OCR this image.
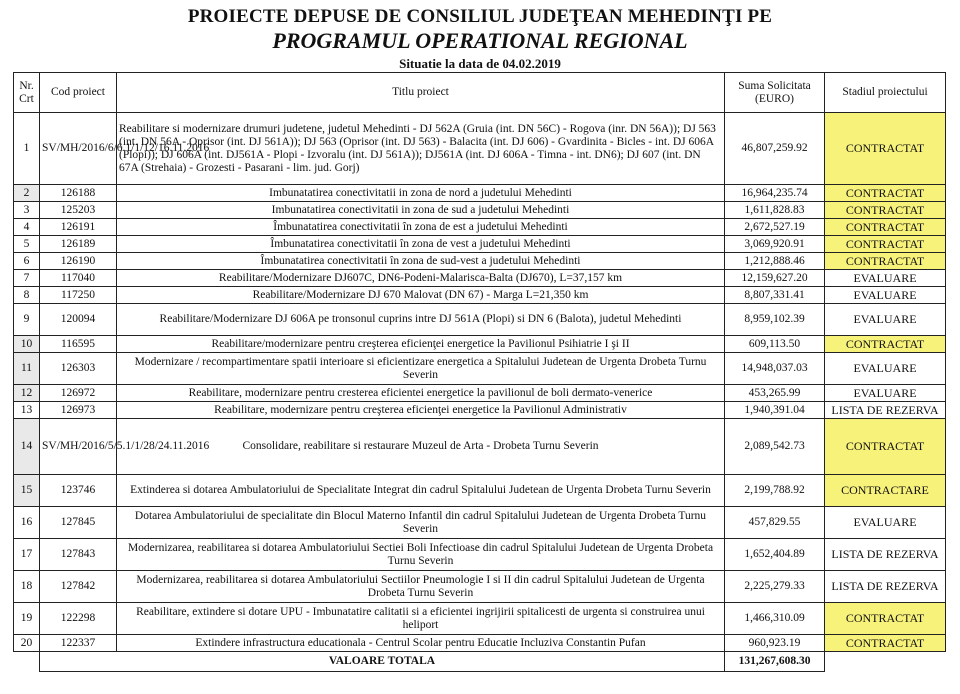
PROIECTE DEPUSE DE CONSILIUL JUDEŢEAN MEHEDINŢI PE
PROGRAMUL OPERATIONAL REGIONAL
Situatie la data de 04.02.2019
Nr. Crt	Cod proiect	Titlu proiect	Suma Solicitata (EURO)	Stadiul proiectului
1	SV/MH/2016/6/6.1/1/12/16.11.2016	Reabilitare si modernizare drumuri judetene, judetul Mehedinti - DJ 562A (Gruia (int. DN 56C) - Rogova (inr. DN 56A)); DJ 563 (int. DN 56A - Oprisor (int. DJ 561A)); DJ 563 (Oprisor (int. DJ 563) - Balacita (int. DJ 606) - Gvardinita - Bicles - int. DJ 606A (Plopi)); DJ 606A (int. DJ561A - Plopi - Izvoralu (int. DJ 561A)); DJ561A (int. DJ 606A - Timna - int. DN6); DJ 607 (int. DN 67A (Strehaia) - Grozesti - Pasarani - lim. jud. Gorj)	46,807,259.92	CONTRACTAT
2	126188	Imbunatatirea conectivitatii in zona de nord a judetului Mehedinti	16,964,235.74	CONTRACTAT
3	125203	Imbunatatirea conectivitatii in zona de sud a judetului Mehedinti	1,611,828.83	CONTRACTAT
4	126191	Îmbunatatirea conectivitatii în zona de est a judetului Mehedinti	2,672,527.19	CONTRACTAT
5	126189	Îmbunatatirea conectivitatii în zona de vest a judetului Mehedinti	3,069,920.91	CONTRACTAT
6	126190	Îmbunatatirea conectivitatii în zona de sud-vest a judetului Mehedinti	1,212,888.46	CONTRACTAT
7	117040	Reabilitare/Modernizare DJ607C, DN6-Podeni-Malarisca-Balta (DJ670), L=37,157 km	12,159,627.20	EVALUARE
8	117250	Reabilitare/Modernizare DJ 670 Malovat (DN 67) - Marga L=21,350 km	8,807,331.41	EVALUARE
9	120094	Reabilitare/Modernizare DJ 606A pe tronsonul cuprins intre DJ 561A (Plopi) si DN 6 (Balota), judetul Mehedinti	8,959,102.39	EVALUARE
10	116595	Reabilitare/modernizare pentru creşterea eficienţei energetice la Pavilionul Psihiatrie I şi II	609,113.50	CONTRACTAT
11	126303	Modernizare / recompartimentare spatii interioare si eficientizare energetica a Spitalului Judetean de Urgenta Drobeta Turnu Severin	14,948,037.03	EVALUARE
12	126972	Reabilitare, modernizare pentru cresterea eficientei energetice la pavilionul de boli dermato-venerice	453,265.99	EVALUARE
13	126973	Reabilitare, modernizare pentru creşterea eficienţei energetice la Pavilionul Administrativ	1,940,391.04	LISTA DE REZERVA
14	SV/MH/2016/5/5.1/1/28/24.11.2016	Consolidare, reabilitare si restaurare Muzeul de Arta - Drobeta Turnu Severin	2,089,542.73	CONTRACTAT
15	123746	Extinderea si dotarea Ambulatoriului de Specialitate Integrat din cadrul Spitalului Judetean de Urgenta Drobeta Turnu Severin	2,199,788.92	CONTRACTARE
16	127845	Dotarea Ambulatoriului de specialitate din Blocul Materno Infantil din cadrul Spitalului Judetean de Urgenta Drobeta Turnu Severin	457,829.55	EVALUARE
17	127843	Modernizarea, reabilitarea si dotarea Ambulatoriului Sectiei Boli Infectioase din cadrul Spitalului Judetean de Urgenta Drobeta Turnu Severin	1,652,404.89	LISTA DE REZERVA
18	127842	Modernizarea, reabilitarea si dotarea Ambulatoriului Sectiilor Pneumologie I si II din cadrul Spitalului Judetean de Urgenta Drobeta Turnu Severin	2,225,279.33	LISTA DE REZERVA
19	122298	Reabilitare, extindere si dotare UPU - Imbunatatire calitatii si a eficientei ingrijirii spitalicesti de urgenta si construirea unui heliport	1,466,310.09	CONTRACTAT
20	122337	Extindere infrastructura educationala - Centrul Scolar pentru Educatie Incluziva Constantin Pufan	960,923.19	CONTRACTAT
	VALOARE TOTALA		131,267,608.30	
